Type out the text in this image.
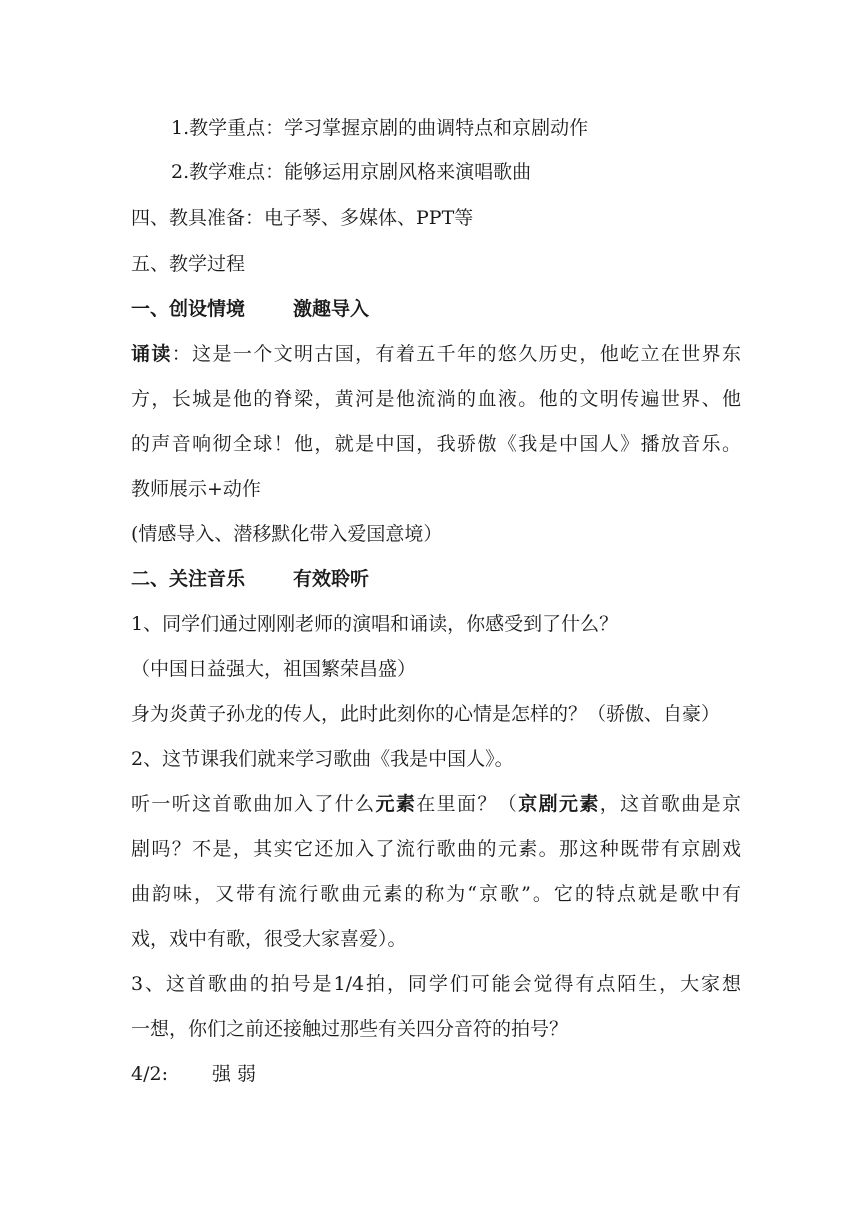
1.教学重点：学习掌握京剧的曲调特点和京剧动作
2.教学难点：能够运用京剧风格来演唱歌曲
四、教具准备：电子琴、多媒体、PPT等
五、教学过程
一、创设情境	激趣导入
诵读：这是一个文明古国，有着五千年的悠久历史，他屹立在世界东
方，长城是他的脊梁，黄河是他流淌的血液。他的文明传遍世界、他
的声音响彻全球！他，就是中国，我骄傲《我是中国人》播放音乐。
教师展示+动作
(情感导入、潜移默化带入爱国意境）
二、关注音乐	有效聆听
1、同学们通过刚刚老师的演唱和诵读，你感受到了什么？
（中国日益强大，祖国繁荣昌盛）
身为炎黄子孙龙的传人，此时此刻你的心情是怎样的？（骄傲、自豪）
2、这节课我们就来学习歌曲《我是中国人》。
听一听这首歌曲加入了什么元素在里面？（京剧元素，这首歌曲是京
剧吗？不是，其实它还加入了流行歌曲的元素。那这种既带有京剧戏
曲韵味，又带有流行歌曲元素的称为“京歌”。它的特点就是歌中有
戏，戏中有歌，很受大家喜爱）。
3、这首歌曲的拍号是1/4拍，同学们可能会觉得有点陌生，大家想
一想，你们之前还接触过那些有关四分音符的拍号？
4/2: 强 弱
